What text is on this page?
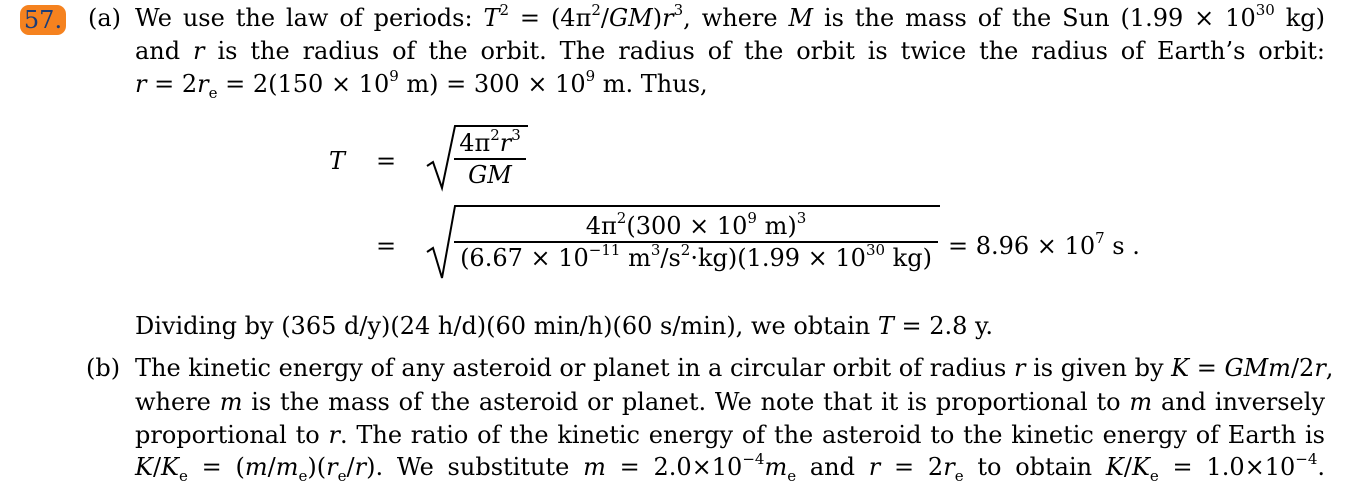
57. (a) We use the law of periods: $T^2 = (4\pi^2/GM)r^3$, where M is the mass of the Sun ($1.99 \times 10^{30}$ kg)
and r is the radius of the orbit. The radius of the orbit is twice the radius of Earth’s orbit:
$r = 2r_e = 2(150 \times 10^9$ $m) = 300 \times 10^9$ m. Thus,
T =
$4\pi^2r^3$
GM
=
$4\pi^2(300 \times 10^9$ m)$^3$
($6.67 \times 10^{-11}$ $m^3/s^2\cdot kg)(1.99 \times 10^{30}$ $kg) = 8.96 \times 10^7$ s .
Dividing by (365 d/y)(24 h/d)(60 min/h)(60 s/min), we obtain T = 2.8 y.
(b) The kinetic energy of any asteroid or planet in a circular orbit of radius r is given by K = GMm/2r,
where m is the mass of the asteroid or planet. We note that it is proportional to m and inversely
proportional to r. The ratio of the kinetic energy of the asteroid to the kinetic energy of Earth is
$K/K_e = (m/m_e)(r_e/r)$. We substitute $m = 2.0\times 10^{-4}m_e$ and $r = 2r_e$ to obtain $K/K_e = 1.0\times 10^{-4}$.
